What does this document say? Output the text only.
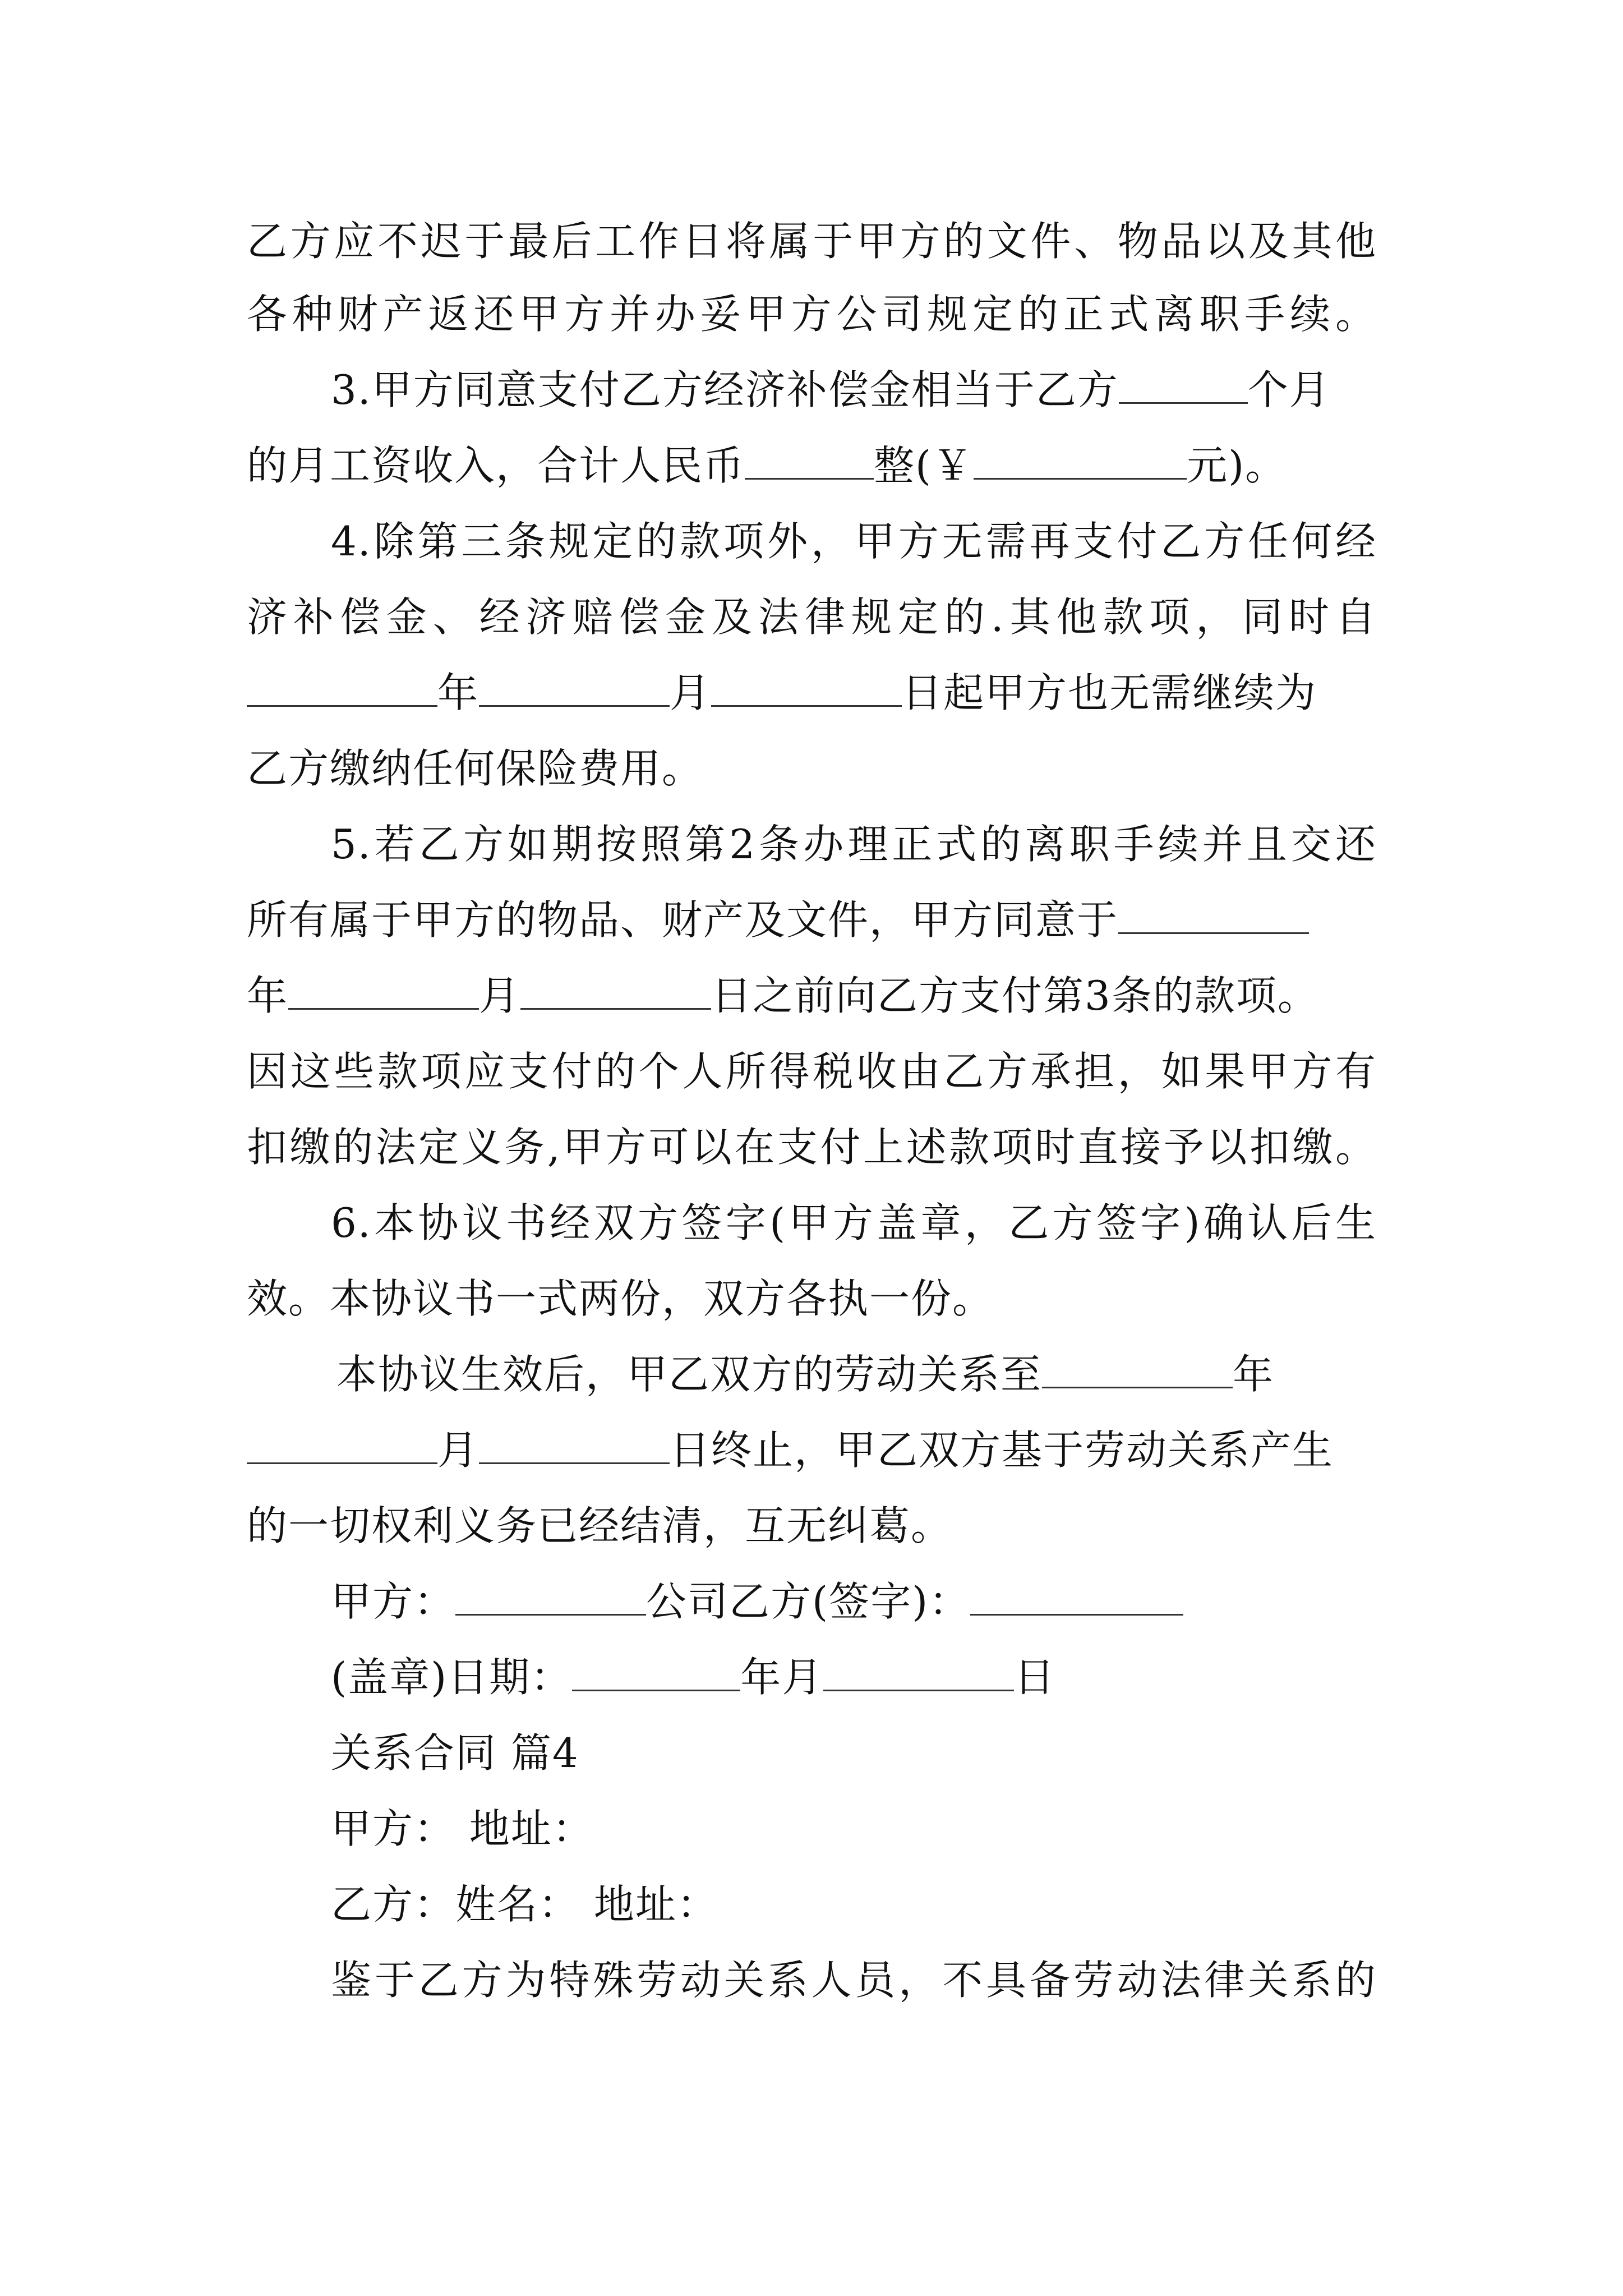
乙方应不迟于最后工作日将属于甲方的文件、物品以及其他
各种财产返还甲方并办妥甲方公司规定的正式离职手续。
3.甲方同意支付乙方经济补偿金相当于乙方	个月
的月工资收入，合计人民币	整(￥	元)。
4.除第三条规定的款项外，甲方无需再支付乙方任何经
济补偿金、经济赔偿金及法律规定的.其他款项，同时自
年	月	日起甲方也无需继续为
乙方缴纳任何保险费用。
5.若乙方如期按照第2条办理正式的离职手续并且交还
所有属于甲方的物品、财产及文件，甲方同意于
年	月	日之前向乙方支付第3条的款项。
因这些款项应支付的个人所得税收由乙方承担，如果甲方有
扣缴的法定义务,甲方可以在支付上述款项时直接予以扣缴。
6.本协议书经双方签字(甲方盖章，乙方签字)确认后生
效。本协议书一式两份，双方各执一份。
本协议生效后，甲乙双方的劳动关系至	年
月	日终止，甲乙双方基于劳动关系产生
的一切权利义务已经结清，互无纠葛。
甲方：	公司乙方(签字)：
(盖章)日期：	年月	日
关系合同 篇4
甲方： 地址：
乙方：姓名： 地址：
鉴于乙方为特殊劳动关系人员，不具备劳动法律关系的
